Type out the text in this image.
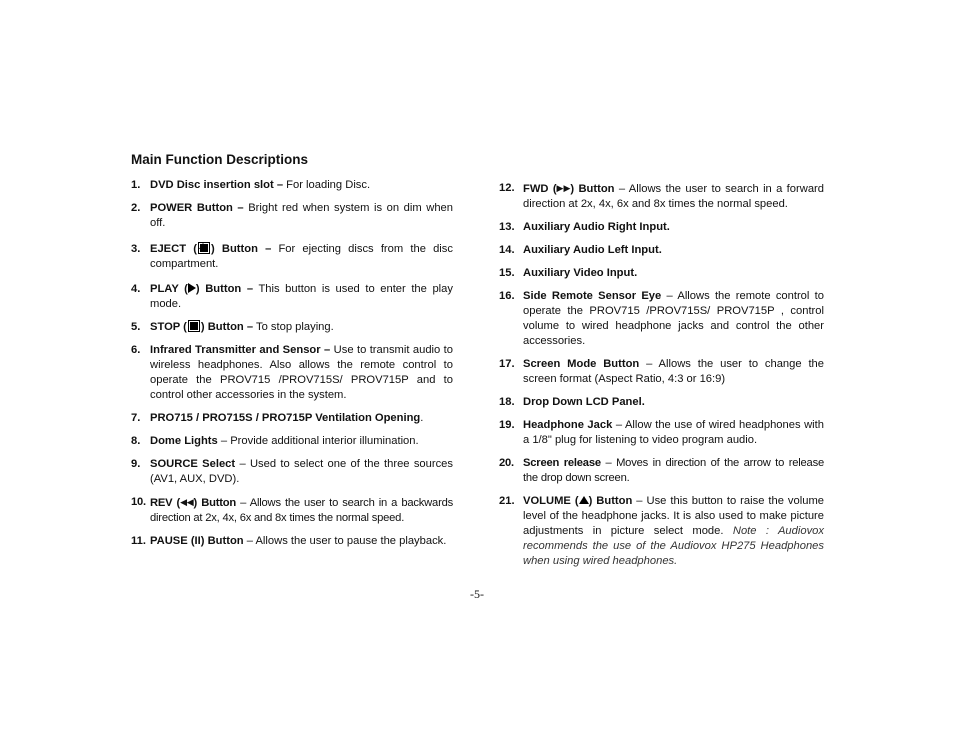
Main Function Descriptions
1. DVD Disc insertion slot – For loading Disc.
2. POWER Button – Bright red when system is on dim when off.
3. EJECT ( ) Button – For ejecting discs from the disc compartment.
4. PLAY ( ) Button – This button is used to enter the play mode.
5. STOP ( ) Button – To stop playing.
6. Infrared Transmitter and Sensor – Use to transmit audio to wireless headphones. Also allows the remote control to operate the PROV715 /PROV715S/ PROV715P and to control other accessories in the system.
7. PRO715 / PRO715S / PRO715P Ventilation Opening.
8. Dome Lights – Provide additional interior illumination.
9. SOURCE Select – Used to select one of the three sources (AV1, AUX, DVD).
10. REV (◀◀) Button – Allows the user to search in a backwards direction at 2x, 4x, 6x and 8x times the normal speed.
11. PAUSE (II) Button – Allows the user to pause the playback.
12. FWD (▶▶) Button – Allows the user to search in a forward direction at 2x, 4x, 6x and 8x times the normal speed.
13. Auxiliary Audio Right Input.
14. Auxiliary Audio Left Input.
15. Auxiliary Video Input.
16. Side Remote Sensor Eye – Allows the remote control to operate the PROV715 /PROV715S/ PROV715P , control volume to wired headphone jacks and control the other accessories.
17. Screen Mode Button – Allows the user to change the screen format (Aspect Ratio, 4:3 or 16:9)
18. Drop Down LCD Panel.
19. Headphone Jack – Allow the use of wired headphones with a 1/8" plug for listening to video program audio.
20. Screen release – Moves in direction of the arrow to release the drop down screen.
21. VOLUME ( ) Button – Use this button to raise the volume level of the headphone jacks. It is also used to make picture adjustments in picture select mode. Note : Audiovox recommends the use of the Audiovox HP275 Headphones when using wired headphones.
-5-
